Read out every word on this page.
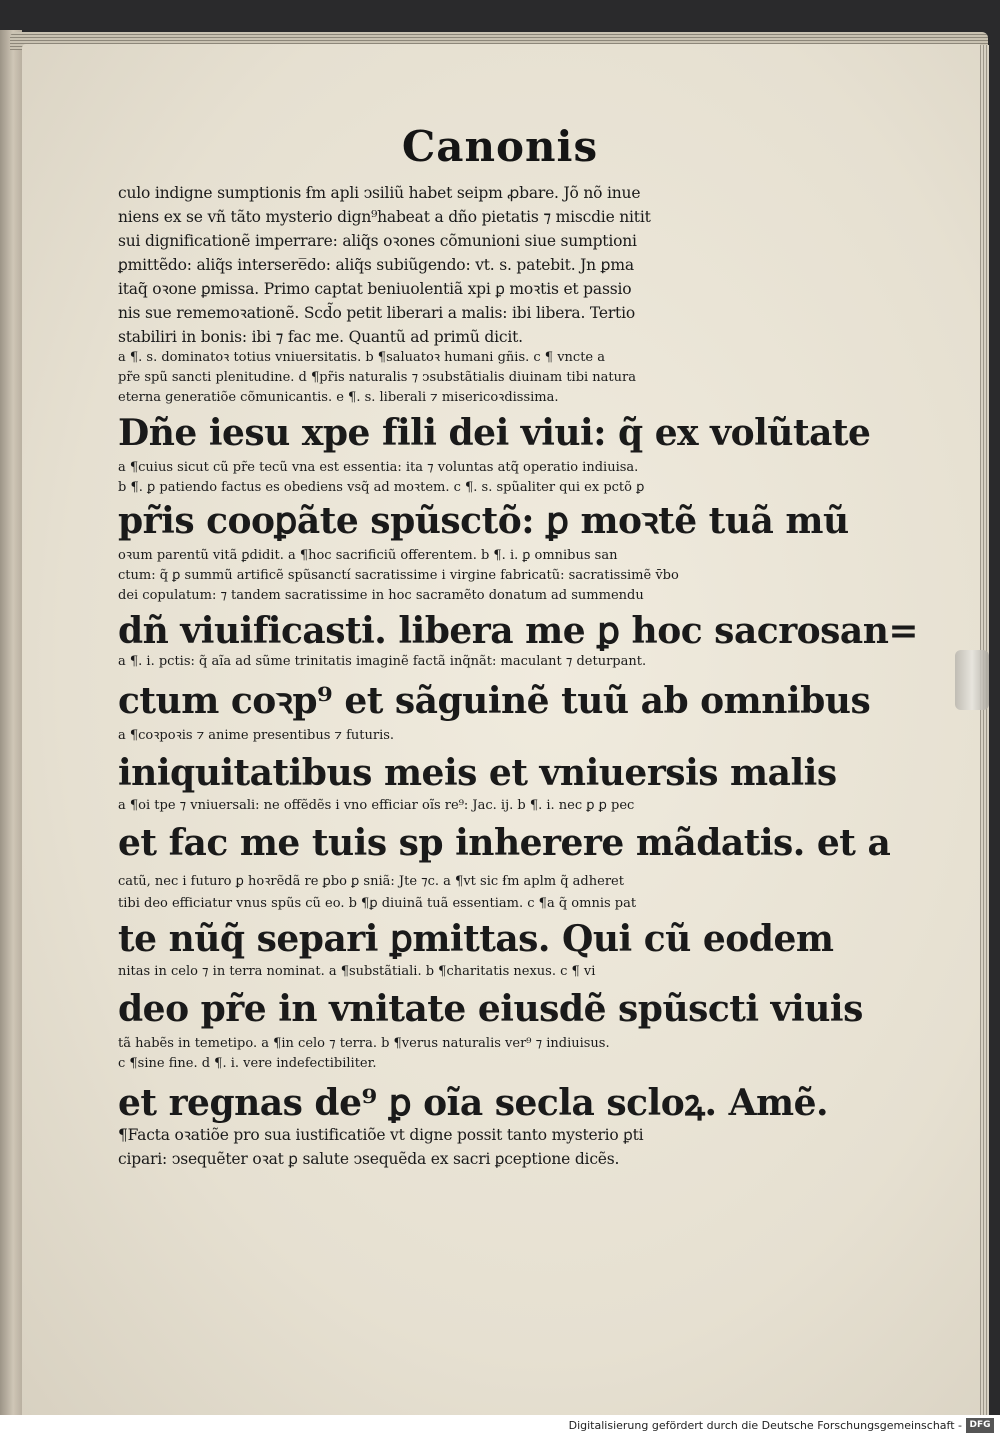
Canonis
culo indigne sumptionis ẜm apli ↄsiliũ habet seipm ꝓbare. Jõ nõ inue
niens ex se vñ tãto mysterio dign⁹habeat a dño pietatis ⁊ miscdie nitit
sui dignificationẽ imperrare: aliq̃s oꝛones cõmunioni siue sumptioni
ꝑmittẽdo: aliq̃s intersere̅do: aliq̃s subiũgendo: vt. s. patebit. Jn ꝑma
itaq̃ oꝛone ꝑmissa. Primo captat beniuolentiã xpi ꝑ moꝛtis et passio
nis sue rememoꝛationẽ. Scd̃o petit liberari a malis: ibi libera. Tertio
stabiliri in bonis: ibi ⁊ fac me. Quantũ ad primũ dicit.
a ¶. s. dominatoꝛ totius vniuersitatis. b ¶saluatoꝛ humani gñis. c ¶ vncte a
pr̃e spũ sancti plenitudine. d ¶pr̃is naturalis ⁊ ↄsubstãtialis diuinam tibi natura
eterna generatiõe cõmunicantis. e ¶. s. liberali ⁊ misericoꝛdissima.
Dñe iesu xpe fili dei viui: q̃ ex volũtate
a ¶cuius sicut cũ pr̃e tecũ vna est essentia: ita ⁊ voluntas atq̃ operatio indiuisa.
b ¶. ꝑ patiendo factus es obediens vsq̃ ad moꝛtem. c ¶. s. spũaliter qui ex pctõ ꝑ
pr̃is cooꝑãte spũsctõ: ꝑ moꝛtẽ tuã mũ
oꝛum parentũ vitã ꝑdidit. a ¶hoc sacrificiũ offerentem. b ¶. i. ꝑ omnibus san
ctum: q̃ ꝑ summũ artificẽ spũsanctí sacratissime i virgine fabricatũ: sacratissimẽ v̄bo
dei copulatum: ⁊ tandem sacratissime in hoc sacramẽto donatum ad summendu
dñ viuificasti. libera me ꝑ hoc sacrosan=
a ¶. i. pctis: q̃ aĩa ad sũme trinitatis imaginẽ factã inq̃nãt: maculant ⁊ deturpant.
ctum coꝛp⁹ et sãguinẽ tuũ ab omnibus
a ¶coꝛpoꝛis ⁊ anime presentibus ⁊ futuris.
iniquitatibus meis et vniuersis malis
a ¶oi tpe ⁊ vniuersali: ne offẽdẽs i vno efficiar oĩs re⁹: Jac. ij. b ¶. i. nec ꝑ ꝑ pec
et fac me tuis sp inherere mãdatis. et a
catũ, nec i futuro ꝑ hoꝛrẽdã re ꝑbo ꝑ sniã: Jte ⁊c. a ¶vt sic ẜm aplm q̃ adheret
tibi deo efficiatur vnus spũs cũ eo. b ¶ꝑ diuinã tuã essentiam. c ¶a q̃ omnis pat
te nũq̃ separi ꝑmittas. Qui cũ eodem
nitas in celo ⁊ in terra nominat. a ¶substãtiali. b ¶charitatis nexus. c ¶ vi
deo pr̃e in vnitate eiusdẽ spũscti viuis
tã habẽs in temetipo. a ¶in celo ⁊ terra. b ¶verus naturalis ver⁹ ⁊ indiuisus.
c ¶sine fine. d ¶. i. vere indefectibiliter.
et regnas de⁹ ꝑ oĩa secla scloꝝ. Amẽ.
¶Facta oꝛatiõe pro sua iustificatiõe vt digne possit tanto mysterio ꝑti
cipari: ↄsequẽter oꝛat ꝑ salute ↄsequẽda ex sacri ꝑceptione dicẽs.
Digitalisierung gefördert durch die Deutsche Forschungsgemeinschaft - DFG
